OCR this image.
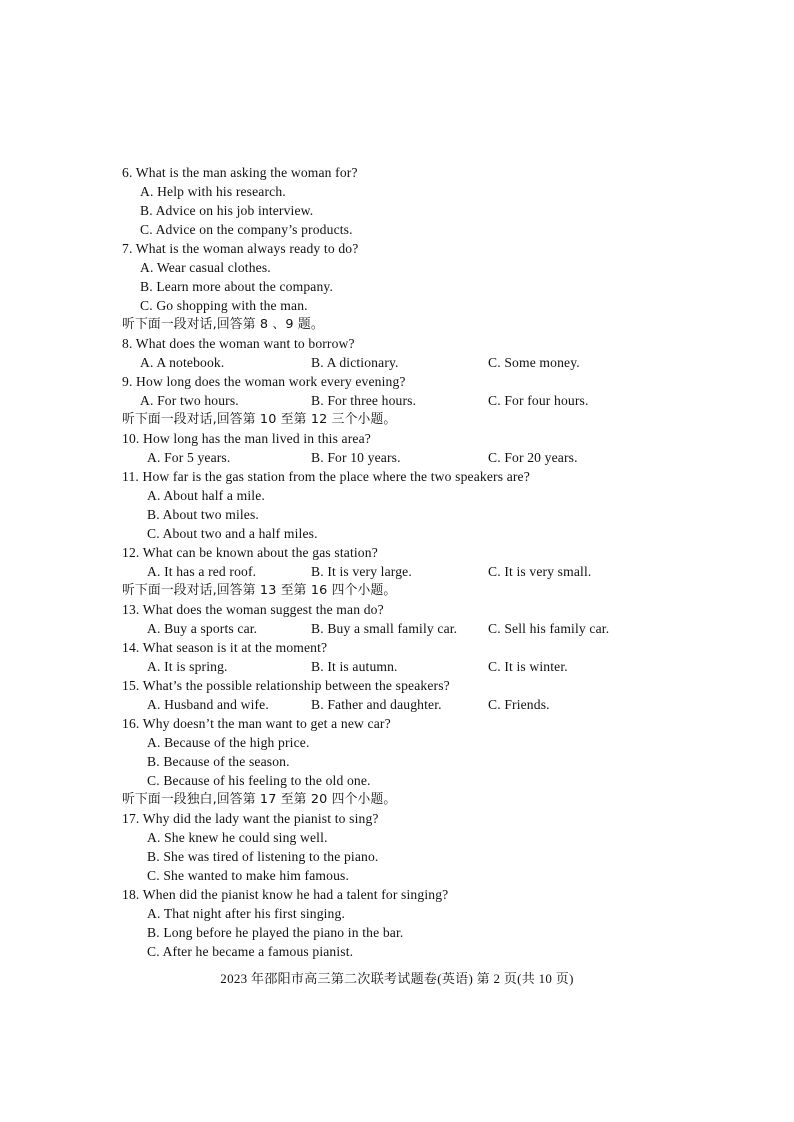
6. What is the man asking the woman for?
A. Help with his research.
B. Advice on his job interview.
C. Advice on the company’s products.
7. What is the woman always ready to do?
A. Wear casual clothes.
B. Learn more about the company.
C. Go shopping with the man.
听下面一段对话,回答第 8 、9 题。
8. What does the woman want to borrow?
A. A notebook.	B. A dictionary.	C. Some money.
9. How long does the woman work every evening?
A. For two hours.	B. For three hours.	C. For four hours.
听下面一段对话,回答第 10 至第 12 三个小题。
10. How long has the man lived in this area?
A. For 5 years.	B. For 10 years.	C. For 20 years.
11. How far is the gas station from the place where the two speakers are?
A. About half a mile.
B. About two miles.
C. About two and a half miles.
12. What can be known about the gas station?
A. It has a red roof.	B. It is very large.	C. It is very small.
听下面一段对话,回答第 13 至第 16 四个小题。
13. What does the woman suggest the man do?
A. Buy a sports car.	B. Buy a small family car. C. Sell his family car.
14. What season is it at the moment?
A. It is spring.	B. It is autumn.	C. It is winter.
15. What’s the possible relationship between the speakers?
A. Husband and wife.	B. Father and daughter.	C. Friends.
16. Why doesn’t the man want to get a new car?
A. Because of the high price.
B. Because of the season.
C. Because of his feeling to the old one.
听下面一段独白,回答第 17 至第 20 四个小题。
17. Why did the lady want the pianist to sing?
A. She knew he could sing well.
B. She was tired of listening to the piano.
C. She wanted to make him famous.
18. When did the pianist know he had a talent for singing?
A. That night after his first singing.
B. Long before he played the piano in the bar.
C. After he became a famous pianist.
2023 年邵阳市高三第二次联考试题卷(英语) 第 2 页(共 10 页)
